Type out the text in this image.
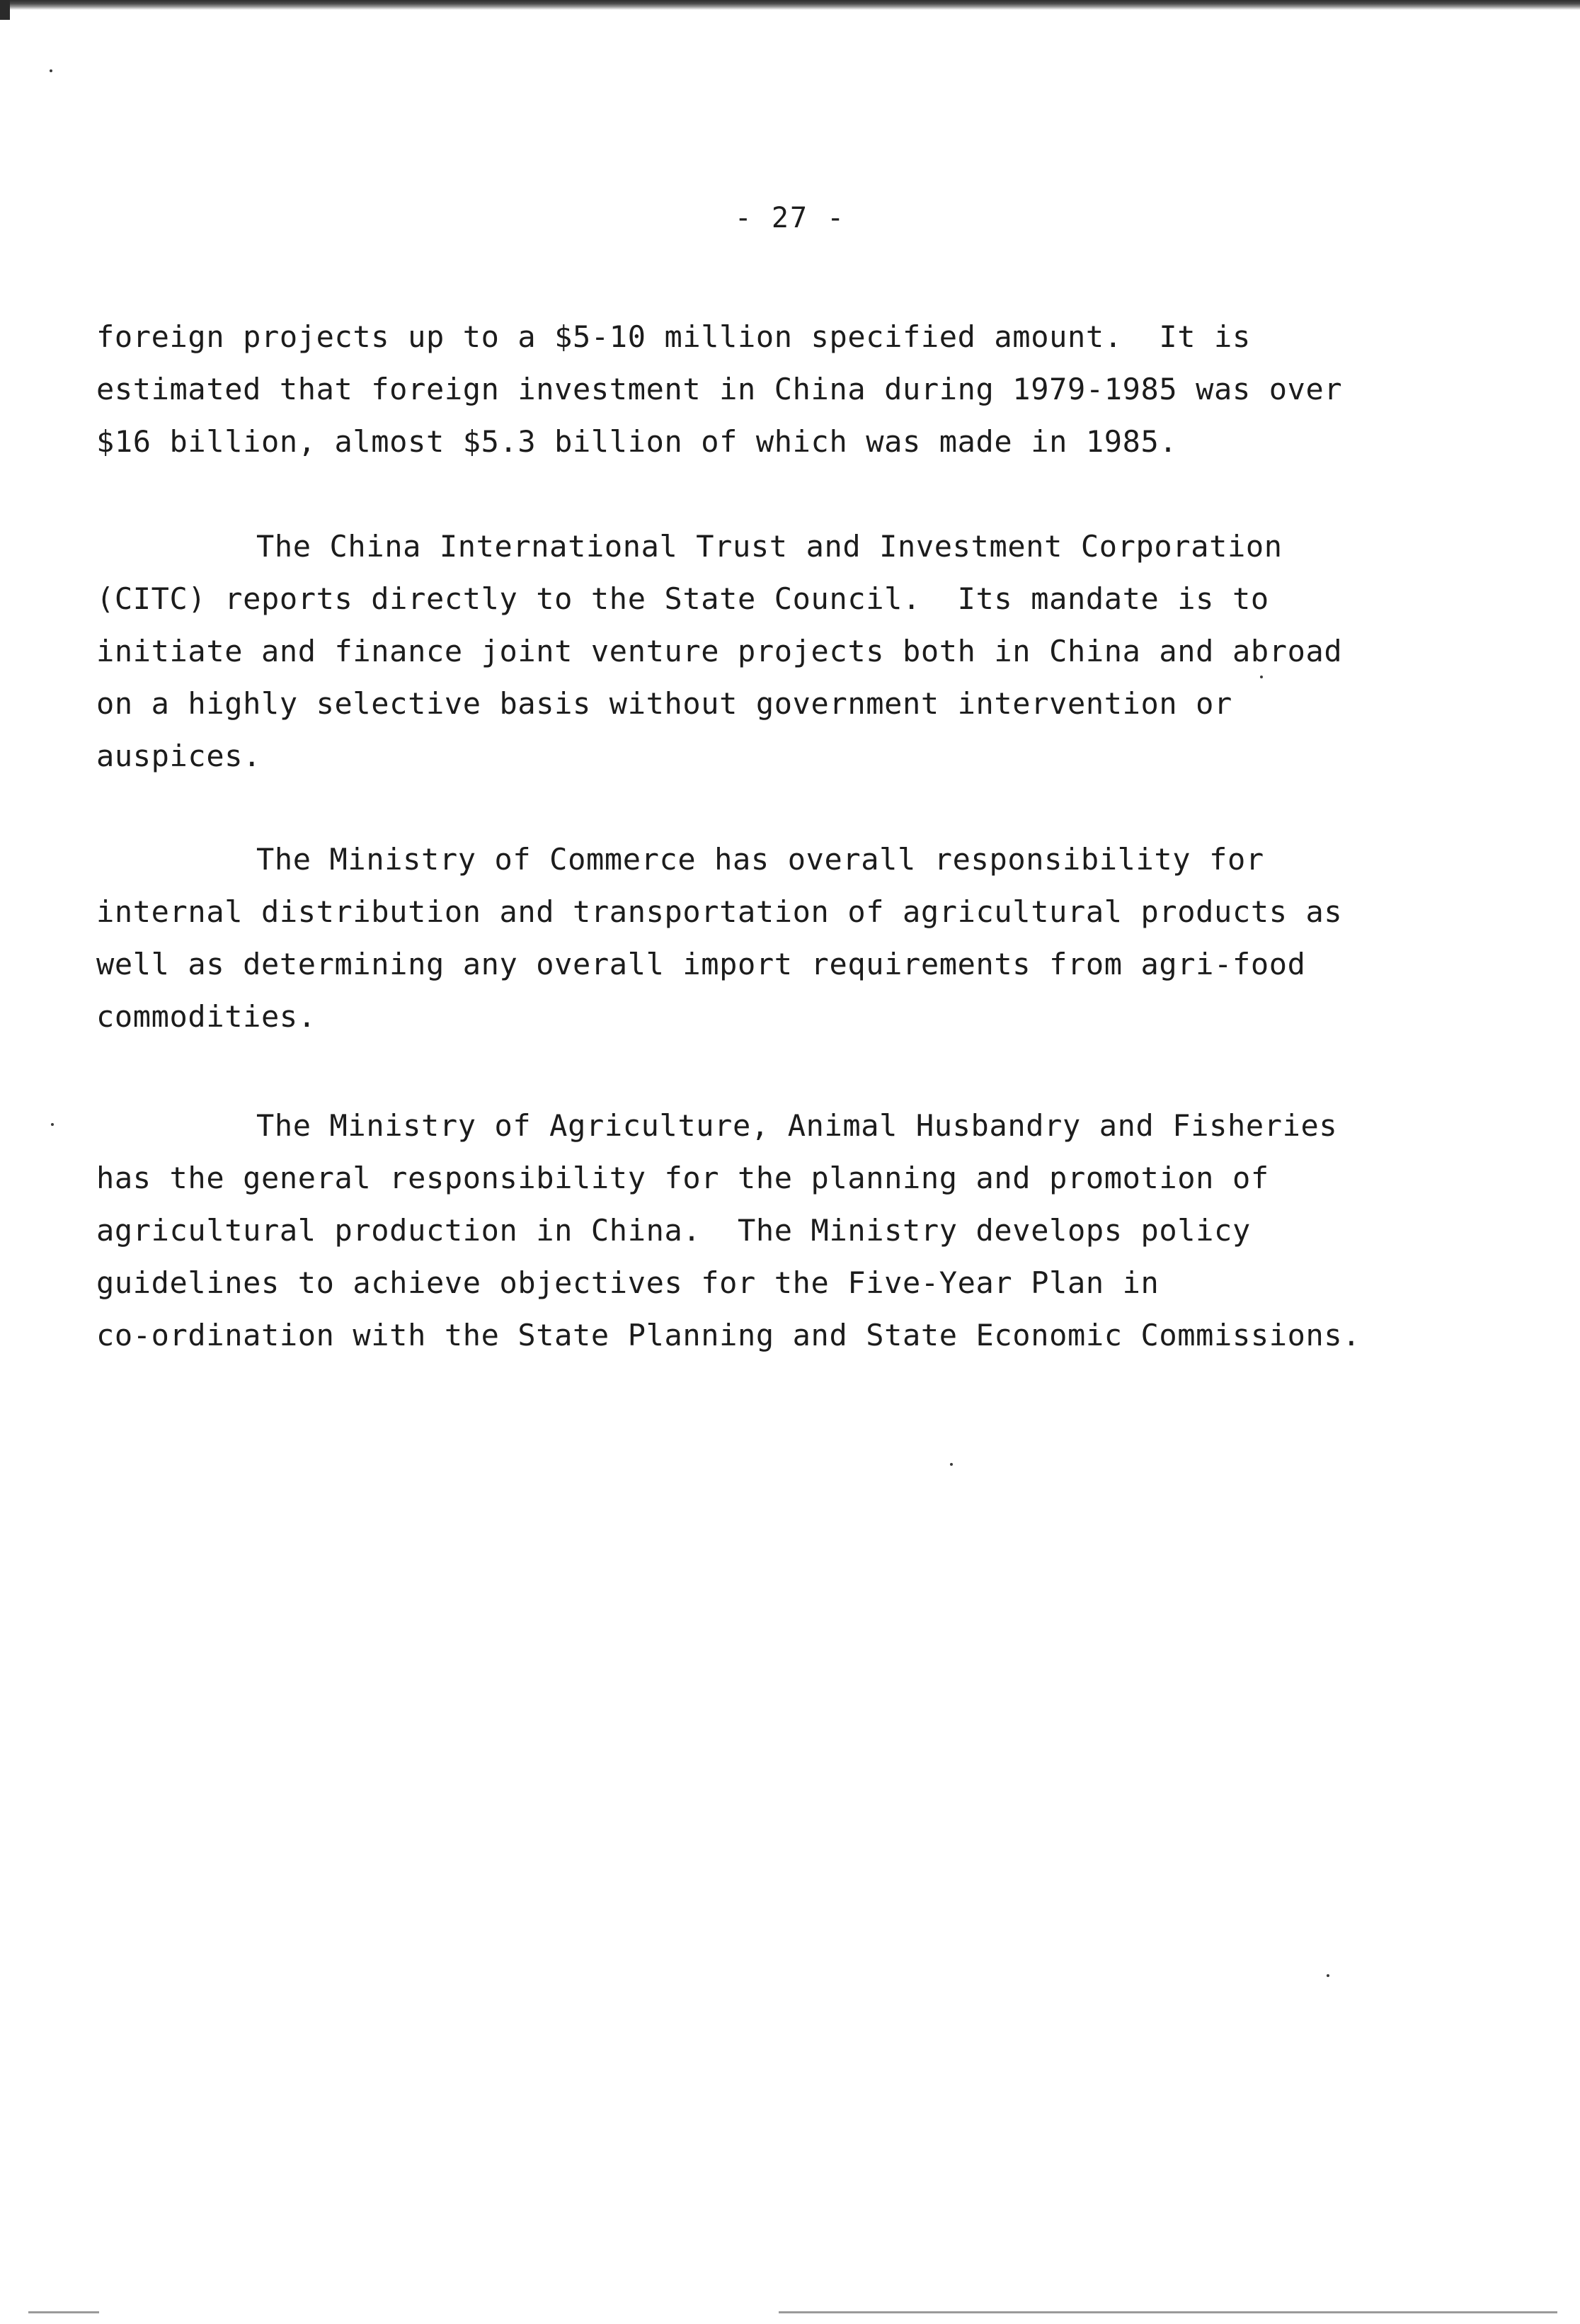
- 27 -
foreign projects up to a $5-10 million specified amount.  It is
estimated that foreign investment in China during 1979-1985 was over
$16 billion, almost $5.3 billion of which was made in 1985.
The China International Trust and Investment Corporation
(CITC) reports directly to the State Council.  Its mandate is to
initiate and finance joint venture projects both in China and abroad
on a highly selective basis without government intervention or
auspices.
The Ministry of Commerce has overall responsibility for
internal distribution and transportation of agricultural products as
well as determining any overall import requirements from agri-food
commodities.
The Ministry of Agriculture, Animal Husbandry and Fisheries
has the general responsibility for the planning and promotion of
agricultural production in China.  The Ministry develops policy
guidelines to achieve objectives for the Five-Year Plan in
co-ordination with the State Planning and State Economic Commissions.
